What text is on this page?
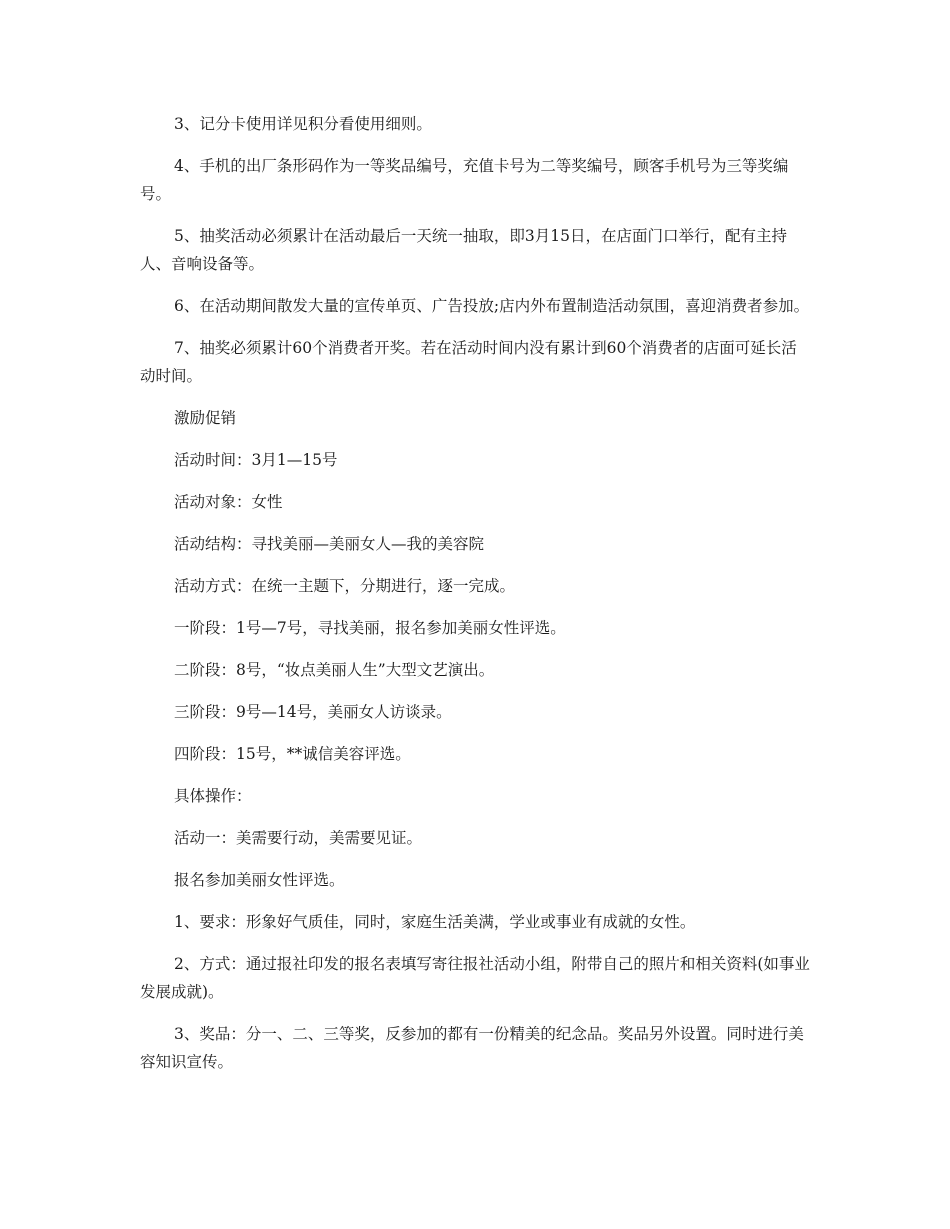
3、记分卡使用详见积分看使用细则。

4、手机的出厂条形码作为一等奖品编号，充值卡号为二等奖编号，顾客手机号为三等奖编号。

5、抽奖活动必须累计在活动最后一天统一抽取，即3月15日，在店面门口举行，配有主持人、音响设备等。

6、在活动期间散发大量的宣传单页、广告投放;店内外布置制造活动氛围，喜迎消费者参加。

7、抽奖必须累计60个消费者开奖。若在活动时间内没有累计到60个消费者的店面可延长活动时间。

激励促销

活动时间：3月1—15号

活动对象：女性

活动结构：寻找美丽—美丽女人—我的美容院

活动方式：在统一主题下，分期进行，逐一完成。

一阶段：1号—7号，寻找美丽，报名参加美丽女性评选。

二阶段：8号，“妆点美丽人生”大型文艺演出。

三阶段：9号—14号，美丽女人访谈录。

四阶段：15号，**诚信美容评选。

具体操作：

活动一：美需要行动，美需要见证。

报名参加美丽女性评选。

1、要求：形象好气质佳，同时，家庭生活美满，学业或事业有成就的女性。

2、方式：通过报社印发的报名表填写寄往报社活动小组，附带自己的照片和相关资料(如事业发展成就)。

3、奖品：分一、二、三等奖，反参加的都有一份精美的纪念品。奖品另外设置。同时进行美容知识宣传。
